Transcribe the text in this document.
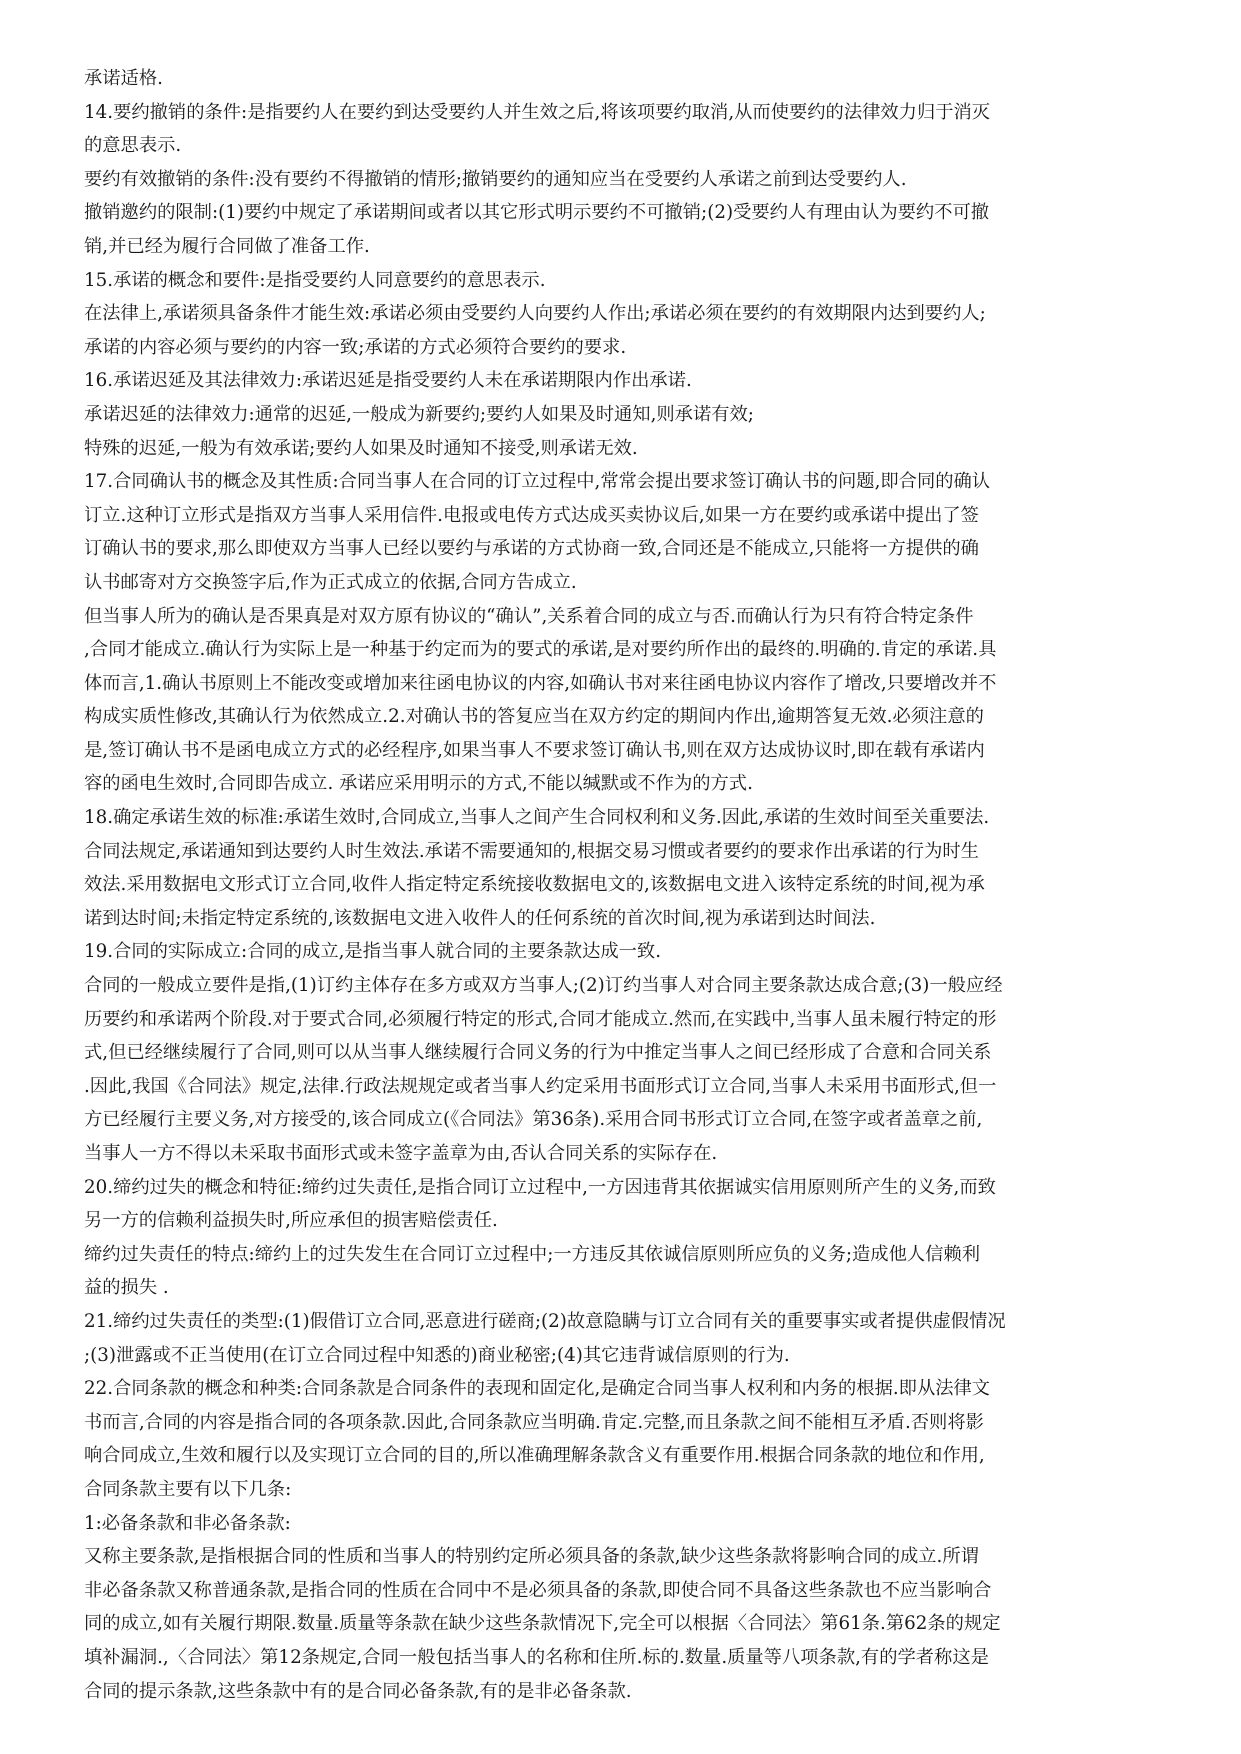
承诺适格.
14.要约撤销的条件:是指要约人在要约到达受要约人并生效之后,将该项要约取消,从而使要约的法律效力归于消灭
的意思表示.
要约有效撤销的条件:没有要约不得撤销的情形;撤销要约的通知应当在受要约人承诺之前到达受要约人.
撤销邀约的限制:(1)要约中规定了承诺期间或者以其它形式明示要约不可撤销;(2)受要约人有理由认为要约不可撤
销,并已经为履行合同做了准备工作.
15.承诺的概念和要件:是指受要约人同意要约的意思表示.
在法律上,承诺须具备条件才能生效:承诺必须由受要约人向要约人作出;承诺必须在要约的有效期限内达到要约人;
承诺的内容必须与要约的内容一致;承诺的方式必须符合要约的要求.
16.承诺迟延及其法律效力:承诺迟延是指受要约人未在承诺期限内作出承诺.
承诺迟延的法律效力:通常的迟延,一般成为新要约;要约人如果及时通知,则承诺有效;
特殊的迟延,一般为有效承诺;要约人如果及时通知不接受,则承诺无效.
17.合同确认书的概念及其性质:合同当事人在合同的订立过程中,常常会提出要求签订确认书的问题,即合同的确认
订立.这种订立形式是指双方当事人采用信件.电报或电传方式达成买卖协议后,如果一方在要约或承诺中提出了签
订确认书的要求,那么即使双方当事人已经以要约与承诺的方式协商一致,合同还是不能成立,只能将一方提供的确
认书邮寄对方交换签字后,作为正式成立的依据,合同方告成立.
但当事人所为的确认是否果真是对双方原有协议的“确认”,关系着合同的成立与否.而确认行为只有符合特定条件
,合同才能成立.确认行为实际上是一种基于约定而为的要式的承诺,是对要约所作出的最终的.明确的.肯定的承诺.具
体而言,1.确认书原则上不能改变或增加来往函电协议的内容,如确认书对来往函电协议内容作了增改,只要增改并不
构成实质性修改,其确认行为依然成立.2.对确认书的答复应当在双方约定的期间内作出,逾期答复无效.必须注意的
是,签订确认书不是函电成立方式的必经程序,如果当事人不要求签订确认书,则在双方达成协议时,即在载有承诺内
容的函电生效时,合同即告成立. 承诺应采用明示的方式,不能以缄默或不作为的方式.
18.确定承诺生效的标准:承诺生效时,合同成立,当事人之间产生合同权利和义务.因此,承诺的生效时间至关重要法.
合同法规定,承诺通知到达要约人时生效法.承诺不需要通知的,根据交易习惯或者要约的要求作出承诺的行为时生
效法.采用数据电文形式订立合同,收件人指定特定系统接收数据电文的,该数据电文进入该特定系统的时间,视为承
诺到达时间;未指定特定系统的,该数据电文进入收件人的任何系统的首次时间,视为承诺到达时间法.
19.合同的实际成立:合同的成立,是指当事人就合同的主要条款达成一致.
合同的一般成立要件是指,(1)订约主体存在多方或双方当事人;(2)订约当事人对合同主要条款达成合意;(3)一般应经
历要约和承诺两个阶段.对于要式合同,必须履行特定的形式,合同才能成立.然而,在实践中,当事人虽未履行特定的形
式,但已经继续履行了合同,则可以从当事人继续履行合同义务的行为中推定当事人之间已经形成了合意和合同关系
.因此,我国《合同法》规定,法律.行政法规规定或者当事人约定采用书面形式订立合同,当事人未采用书面形式,但一
方已经履行主要义务,对方接受的,该合同成立(《合同法》第36条).采用合同书形式订立合同,在签字或者盖章之前,
当事人一方不得以未采取书面形式或未签字盖章为由,否认合同关系的实际存在.
20.缔约过失的概念和特征:缔约过失责任,是指合同订立过程中,一方因违背其依据诚实信用原则所产生的义务,而致
另一方的信赖利益损失时,所应承但的损害赔偿责任.
缔约过失责任的特点:缔约上的过失发生在合同订立过程中;一方违反其依诚信原则所应负的义务;造成他人信赖利
益的损失 .
21.缔约过失责任的类型:(1)假借订立合同,恶意进行磋商;(2)故意隐瞒与订立合同有关的重要事实或者提供虚假情况
;(3)泄露或不正当使用(在订立合同过程中知悉的)商业秘密;(4)其它违背诚信原则的行为.
22.合同条款的概念和种类:合同条款是合同条件的表现和固定化,是确定合同当事人权利和内务的根据.即从法律文
书而言,合同的内容是指合同的各项条款.因此,合同条款应当明确.肯定.完整,而且条款之间不能相互矛盾.否则将影
响合同成立,生效和履行以及实现订立合同的目的,所以准确理解条款含义有重要作用.根据合同条款的地位和作用,
合同条款主要有以下几条:
1:必备条款和非必备条款:
又称主要条款,是指根据合同的性质和当事人的特别约定所必须具备的条款,缺少这些条款将影响合同的成立.所谓
非必备条款又称普通条款,是指合同的性质在合同中不是必须具备的条款,即使合同不具备这些条款也不应当影响合
同的成立,如有关履行期限.数量.质量等条款在缺少这些条款情况下,完全可以根据〈合同法〉第61条.第62条的规定
填补漏洞.,〈合同法〉第12条规定,合同一般包括当事人的名称和住所.标的.数量.质量等八项条款,有的学者称这是
合同的提示条款,这些条款中有的是合同必备条款,有的是非必备条款.
